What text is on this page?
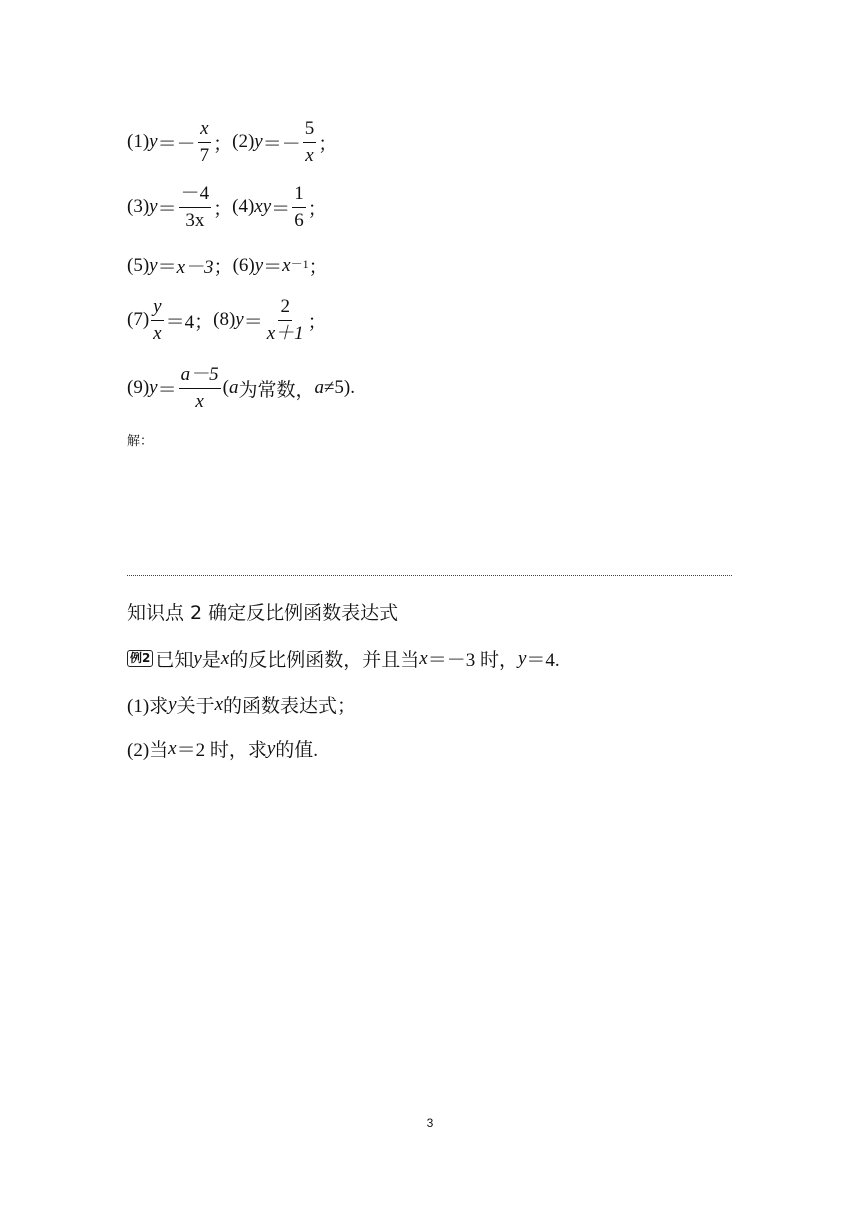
(1) $y =- \frac{x}{7}$ ； (2) $y =- \frac{5}{x}$ ；
(3) $y = \frac{-4}{3x}$ ； (4) xy ＝ $\frac{1}{6}$ ；
(5) y ＝ x－3 ； (6) $y = x^{-1}$ ；
$(7) \frac{y}{x} =4$ ； (8) $y = \frac{2}{x+1}$ ；
(9) $y = \frac{a-5}{x}$ ( a 为常数， a ≠5).
解：
知识点 2 确定反比例函数表达式
例2 已知 y 是 x 的反比例函数，并且当 x ＝－3 时， y ＝4.
(1)求 y 关于 x 的函数表达式；
(2)当 x ＝2 时，求 y 的值.
3
